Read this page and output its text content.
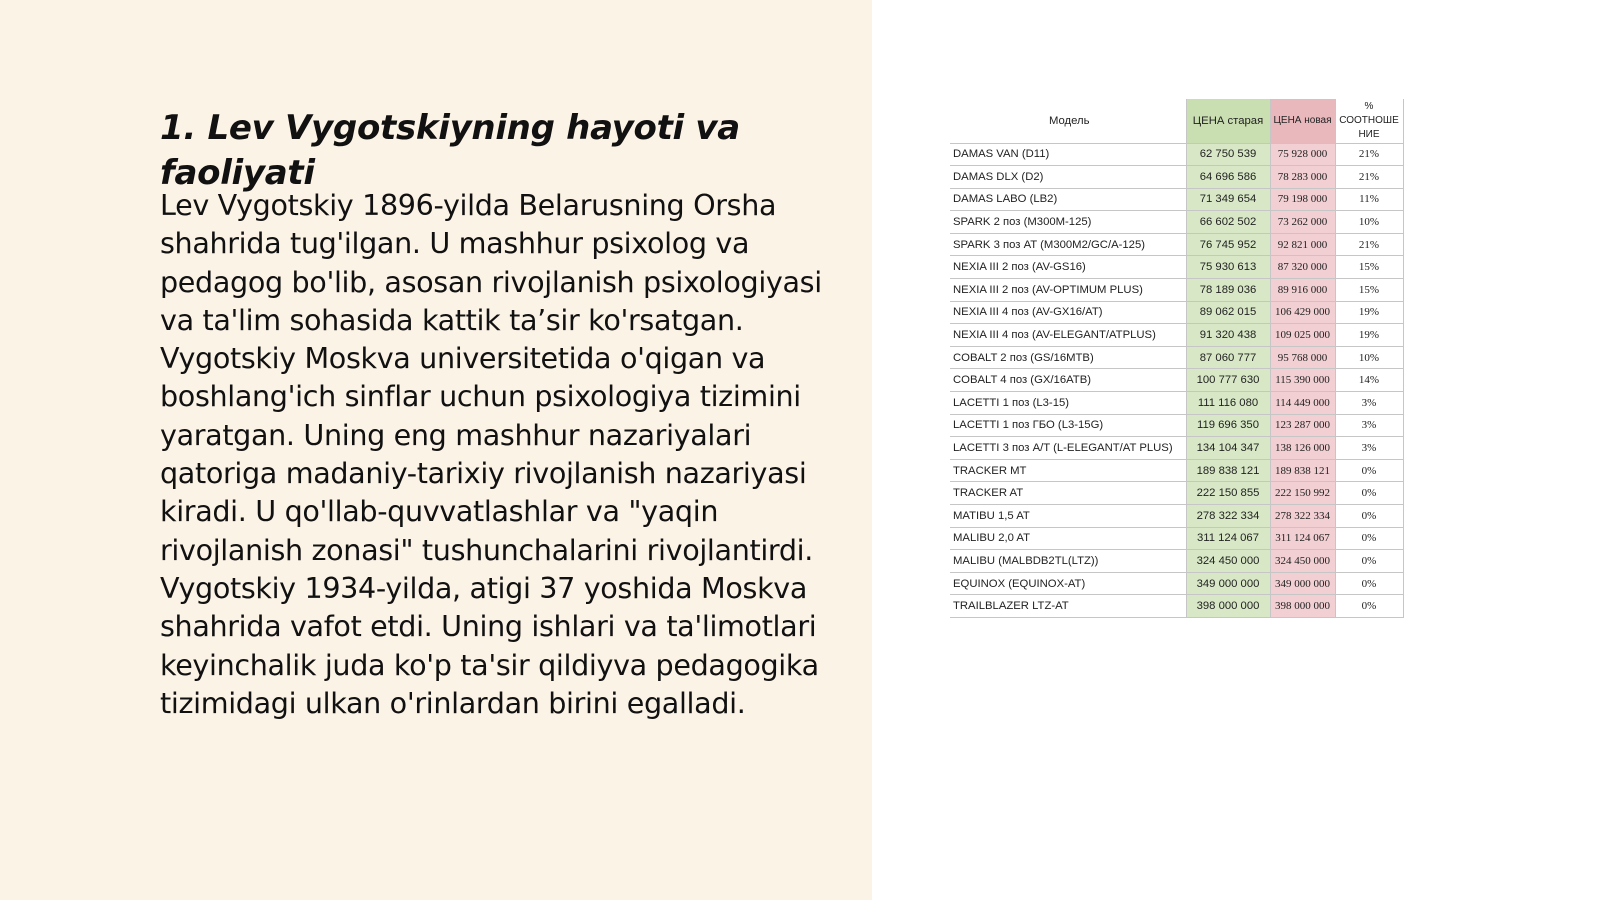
1. Lev Vygotskiyning hayoti va faoliyati

Lev Vygotskiy 1896-yilda Belarusning Orsha shahrida tug'ilgan. U mashhur psixolog va pedagog bo'lib, asosan rivojlanish psixologiyasi va ta'lim sohasida kattik ta’sir ko'rsatgan. Vygotskiy Moskva universitetida o'qigan va boshlang'ich sinflar uchun psixologiya tizimini yaratgan. Uning eng mashhur nazariyalari qatoriga madaniy-tarixiy rivojlanish nazariyasi kiradi. U qo'llab-quvvatlashlar va "yaqin rivojlanish zonasi" tushunchalarini rivojlantirdi. Vygotskiy 1934-yilda, atigi 37 yoshida Moskva shahrida vafot etdi. Uning ishlari va ta'limotlari keyinchalik juda ko'p ta'sir qildiyva pedagogika tizimidagi ulkan o'rinlardan birini egalladi.

Модель	ЦЕНА старая	ЦЕНА новая	% СООТНОШЕ НИЕ
DAMAS VAN (D11)	62 750 539	75 928 000	21%
DAMAS DLX (D2)	64 696 586	78 283 000	21%
DAMAS LABO (LB2)	71 349 654	79 198 000	11%
SPARK 2 поз (M300M-125)	66 602 502	73 262 000	10%
SPARK 3 поз AT (M300M2/GC/A-125)	76 745 952	92 821 000	21%
NEXIA III 2 поз (AV-GS16)	75 930 613	87 320 000	15%
NEXIA III 2 поз (AV-OPTIMUM PLUS)	78 189 036	89 916 000	15%
NEXIA III 4 поз (AV-GX16/AT)	89 062 015	106 429 000	19%
NEXIA III 4 поз (AV-ELEGANT/ATPLUS)	91 320 438	109 025 000	19%
COBALT 2 поз (GS/16MTB)	87 060 777	95 768 000	10%
COBALT 4 поз (GX/16ATB)	100 777 630	115 390 000	14%
LACETTI 1 поз (L3-15)	111 116 080	114 449 000	3%
LACETTI 1 поз ГБО (L3-15G)	119 696 350	123 287 000	3%
LACETTI 3 поз A/T (L-ELEGANT/AT PLUS)	134 104 347	138 126 000	3%
TRACKER MT	189 838 121	189 838 121	0%
TRACKER AT	222 150 855	222 150 992	0%
MATIBU 1,5 AT	278 322 334	278 322 334	0%
MALIBU 2,0 AT	311 124 067	311 124 067	0%
MALIBU (MALBDB2TL(LTZ))	324 450 000	324 450 000	0%
EQUINOX (EQUINOX-AT)	349 000 000	349 000 000	0%
TRAILBLAZER LTZ-AT	398 000 000	398 000 000	0%
